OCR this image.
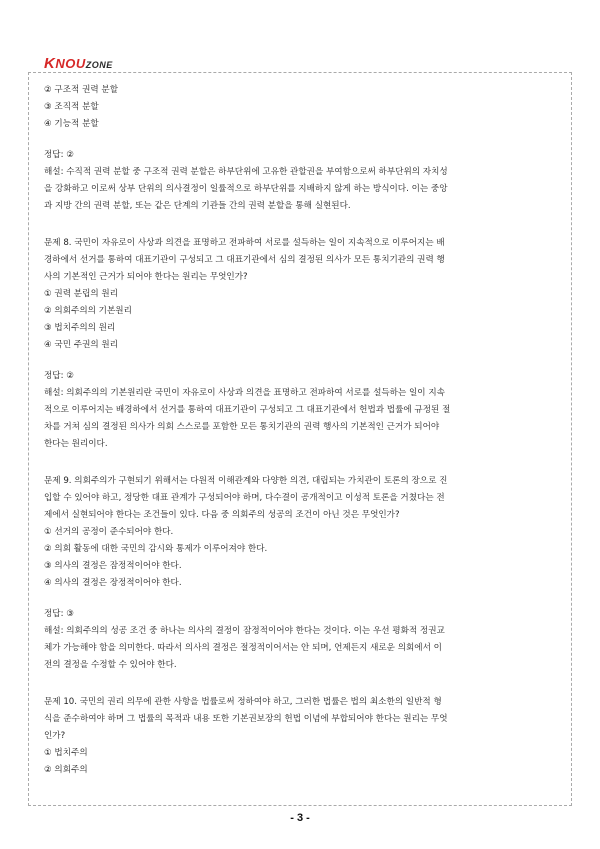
KNOUZONE

② 구조적 권력 분할

③ 조직적 분할

④ 기능적 분할

정답: ②

해설: 수직적 권력 분할 중 구조적 권력 분할은 하부단위에 고유한 관할권을 부여함으로써 하부단위의 자치성

을 강화하고 이로써 상부 단위의 의사결정이 일률적으로 하부단위를 지배하지 않게 하는 방식이다. 이는 중앙

과 지방 간의 권력 분할, 또는 같은 단계의 기관들 간의 권력 분할을 통해 실현된다.

문제 8. 국민이 자유로이 사상과 의견을 표명하고 전파하여 서로를 설득하는 일이 지속적으로 이루어지는 배

경하에서 선거를 통하여 대표기관이 구성되고 그 대표기관에서 심의 결정된 의사가 모든 통치기관의 권력 행

사의 기본적인 근거가 되어야 한다는 원리는 무엇인가?

① 권력 분립의 원리

② 의회주의의 기본원리

③ 법치주의의 원리

④ 국민 주권의 원리

정답: ②

해설: 의회주의의 기본원리란 국민이 자유로이 사상과 의견을 표명하고 전파하여 서로를 설득하는 일이 지속

적으로 이루어지는 배경하에서 선거를 통하여 대표기관이 구성되고 그 대표기관에서 헌법과 법률에 규정된 절

차를 거쳐 심의 결정된 의사가 의회 스스로를 포함한 모든 통치기관의 권력 행사의 기본적인 근거가 되어야

한다는 원리이다.

문제 9. 의회주의가 구현되기 위해서는 다원적 이해관계와 다양한 의견, 대립되는 가치관이 토론의 장으로 진

입할 수 있어야 하고, 정당한 대표 관계가 구성되어야 하며, 다수결이 공개적이고 이성적 토론을 거쳤다는 전

제에서 실현되어야 한다는 조건들이 있다. 다음 중 의회주의 성공의 조건이 아닌 것은 무엇인가?

① 선거의 공정이 준수되어야 한다.

② 의회 활동에 대한 국민의 감시와 통제가 이루어져야 한다.

③ 의사의 결정은 잠정적이어야 한다.

④ 의사의 결정은 장정적이어야 한다.

정답: ③

해설: 의회주의의 성공 조건 중 하나는 의사의 결정이 잠정적이어야 한다는 것이다. 이는 우선 평화적 정권교

체가 가능해야 함을 의미한다. 따라서 의사의 결정은 절정적이어서는 안 되며, 언제든지 새로운 의회에서 이

전의 결정을 수정할 수 있어야 한다.

문제 10. 국민의 권리 의무에 관한 사항을 법률로써 정하여야 하고, 그러한 법률은 법의 최소한의 일반적 형

식을 준수하여야 하며 그 법률의 목적과 내용 또한 기본권보장의 헌법 이념에 부합되어야 한다는 원리는 무엇

인가?

① 법치주의

② 의회주의

- 3 -
